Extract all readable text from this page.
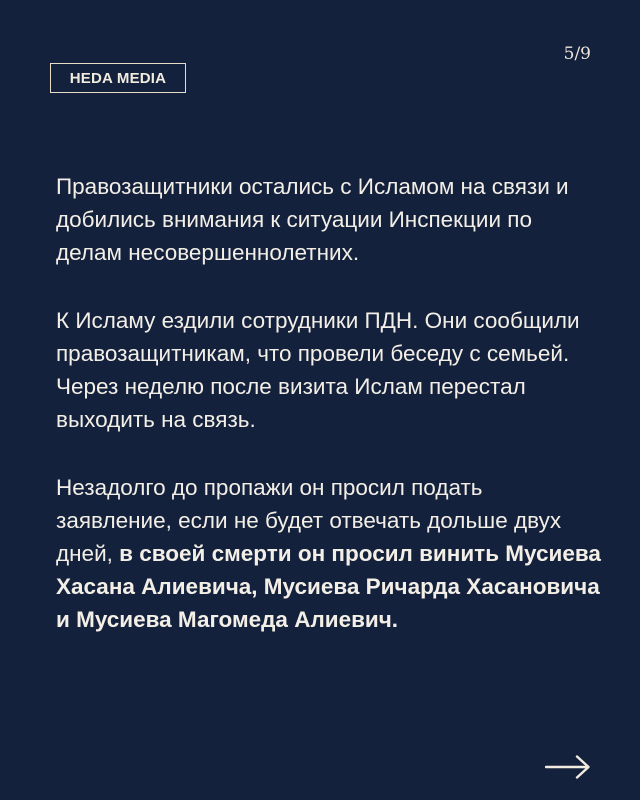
HEDA MEDIA
5/9

Правозащитники остались с Исламом на связи и добились внимания к ситуации Инспекции по делам несовершеннолетних.

К Исламу ездили сотрудники ПДН. Они сообщили правозащитникам, что провели беседу с семьей. Через неделю после визита Ислам перестал выходить на связь.

Незадолго до пропажи он просил подать заявление, если не будет отвечать дольше двух дней, в своей смерти он просил винить Мусиева Хасана Алиевича, Мусиева Ричарда Хасановича и Мусиева Магомеда Алиевич.
